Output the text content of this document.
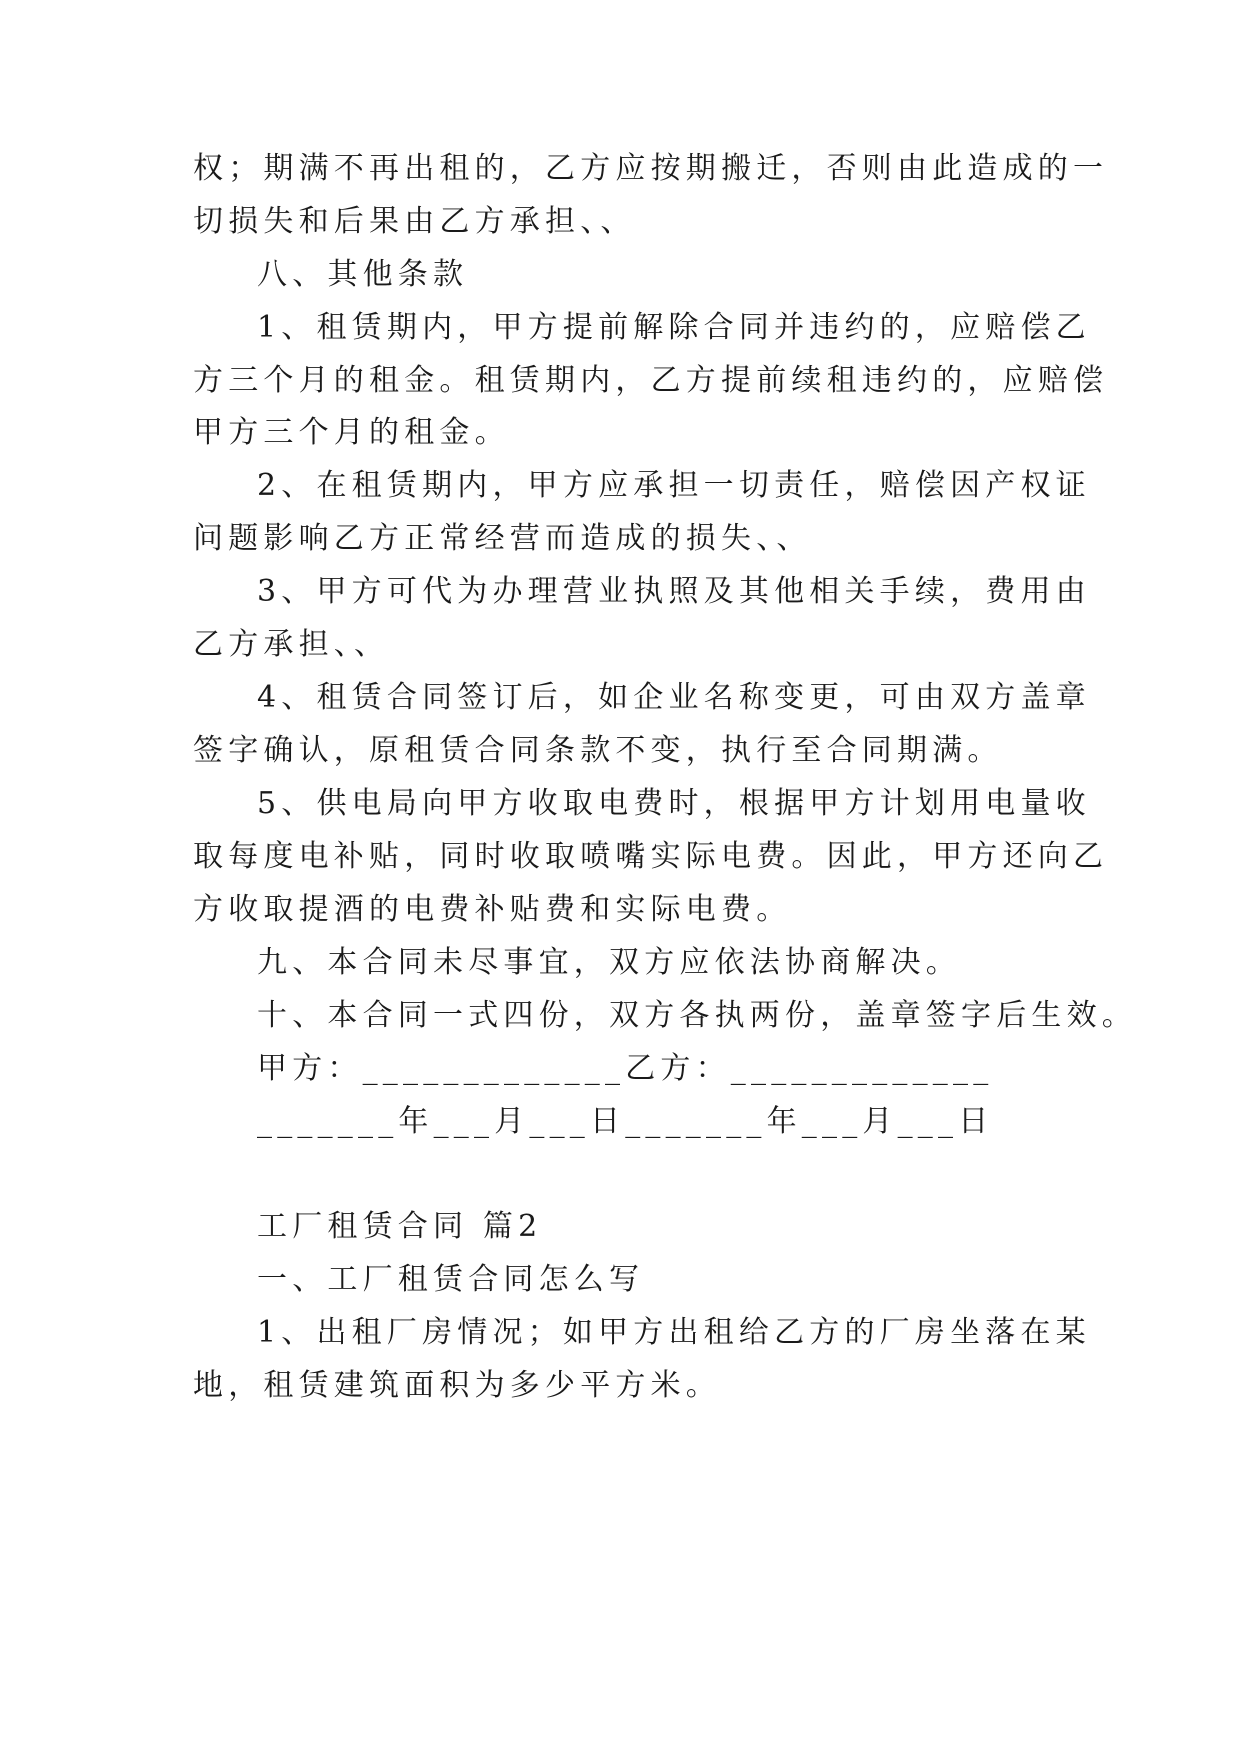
权；期满不再出租的，乙方应按期搬迁，否则由此造成的一
切损失和后果由乙方承担、、
八、其他条款
1、租赁期内，甲方提前解除合同并违约的，应赔偿乙
方三个月的租金。租赁期内，乙方提前续租违约的，应赔偿
甲方三个月的租金。
2、在租赁期内，甲方应承担一切责任，赔偿因产权证
问题影响乙方正常经营而造成的损失、、
3、甲方可代为办理营业执照及其他相关手续，费用由
乙方承担、、
4、租赁合同签订后，如企业名称变更，可由双方盖章
签字确认，原租赁合同条款不变，执行至合同期满。
5、供电局向甲方收取电费时，根据甲方计划用电量收
取每度电补贴，同时收取喷嘴实际电费。因此，甲方还向乙
方收取提酒的电费补贴费和实际电费。
九、本合同未尽事宜，双方应依法协商解决。
十、本合同一式四份，双方各执两份，盖章签字后生效。
甲方：_____________乙方：_____________
_______年___月___日_______年___月___日
工厂租赁合同 篇2
一、工厂租赁合同怎么写
1、出租厂房情况；如甲方出租给乙方的厂房坐落在某
地，租赁建筑面积为多少平方米。
